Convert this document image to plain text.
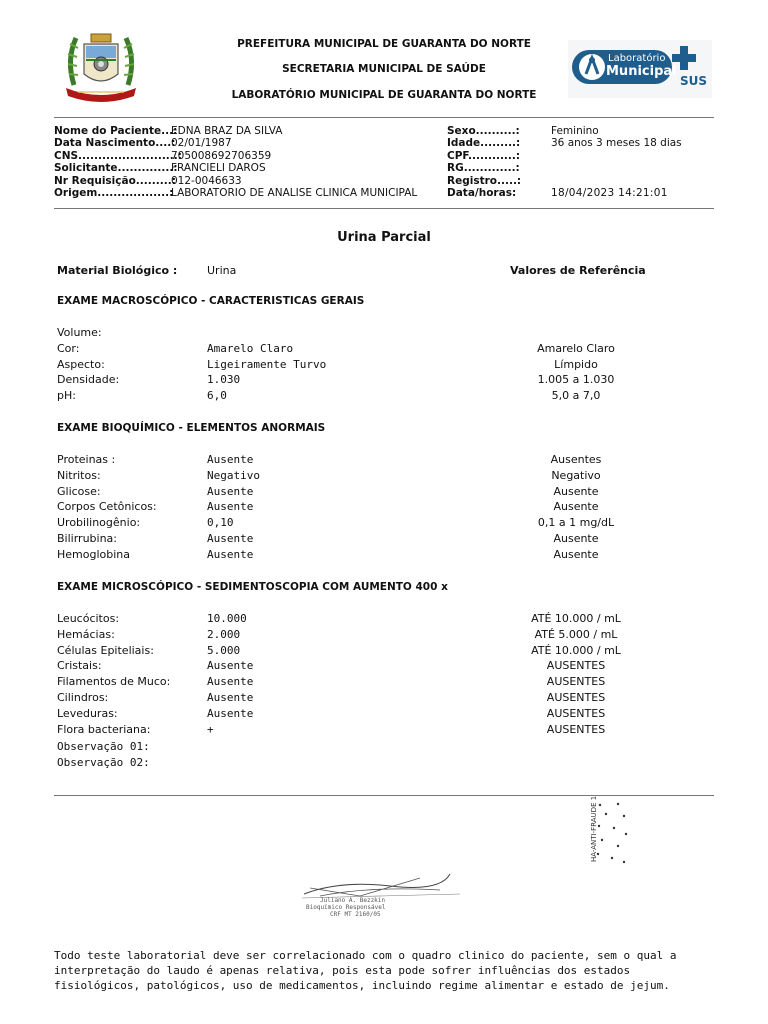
PREFEITURA MUNICIPAL DE GUARANTA DO NORTE
SECRETARIA MUNICIPAL DE SAÚDE
LABORATÓRIO MUNICIPAL DE GUARANTA DO NORTE
Laboratório
Municipal
SUS
Nome do Paciente...:
EDNA BRAZ DA SILVA
Data Nascimento....:
02/01/1987
CNS.........................:
705008692706359
Solicitante..............:
FRANCIELI DAROS
Nr Requisição.........:
012-0046633
Origem..................:
LABORATORIO DE ANALISE CLINICA MUNICIPAL
Sexo..........:	Feminino
Idade.........:	36 anos 3 meses 18 dias
CPF............:
RG.............:
Registro.....:
Data/horas:	18/04/2023 14:21:01
Urina Parcial
Material Biológico :	Urina	Valores de Referência
EXAME MACROSCÓPICO - CARACTERISTICAS GERAIS
Volume:
Cor:	Amarelo Claro	Amarelo Claro
Aspecto:	Ligeiramente Turvo	Límpido
Densidade:	1.030	1.005 a 1.030
pH:	6,0	5,0 a 7,0
EXAME BIOQUÍMICO - ELEMENTOS ANORMAIS
Proteinas :	Ausente	Ausentes
Nitritos:	Negativo	Negativo
Glicose:	Ausente	Ausente
Corpos Cetônicos:	Ausente	Ausente
Urobilinogênio:	0,10	0,1 a 1 mg/dL
Bilirrubina:	Ausente	Ausente
Hemoglobina	Ausente	Ausente
EXAME MICROSCÓPICO - SEDIMENTOSCOPIA COM AUMENTO 400 x
Leucócitos:	10.000	ATÉ 10.000 / mL
Hemácias:	2.000	ATÉ 5.000 / mL
Células Epiteliais:	5.000	ATÉ 10.000 / mL
Cristais:	Ausente	AUSENTES
Filamentos de Muco:	Ausente	AUSENTES
Cilindros:	Ausente	AUSENTES
Leveduras:	Ausente	AUSENTES
Flora bacteriana:	+	AUSENTES
Observação 01:
Observação 02:
HA-ANTI-FRAUDE 1
Juliano A. Bezzkin
Bioquímico Responsável
CRF MT 2160/05
Todo teste laboratorial deve ser correlacionado com o quadro clinico do paciente, sem o qual a
interpretação do laudo é apenas relativa, pois esta pode sofrer influências dos estados
fisiológicos, patológicos, uso de medicamentos, incluindo regime alimentar e estado de jejum.
